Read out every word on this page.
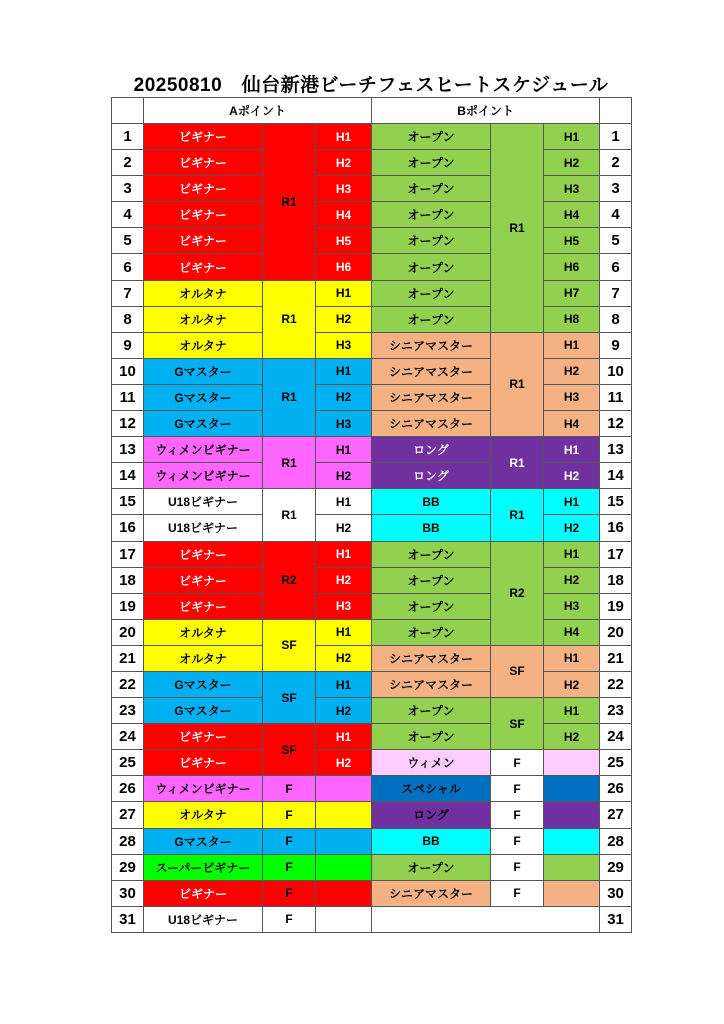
20250810　仙台新港ビーチフェスヒートスケジュール
	Aポイント			Bポイント			
1	ビギナー	R1	H1	オープン	R1	H1	1
2	ビギナー		H2	オープン		H2	2
3	ビギナー		H3	オープン		H3	3
4	ビギナー		H4	オープン		H4	4
5	ビギナー		H5	オープン		H5	5
6	ビギナー		H6	オープン		H6	6
7	オルタナ	R1	H1	オープン		H7	7
8	オルタナ		H2	オープン		H8	8
9	オルタナ		H3	シニアマスター	R1	H1	9
10	Gマスター	R1	H1	シニアマスター		H2	10
11	Gマスター		H2	シニアマスター		H3	11
12	Gマスター		H3	シニアマスター		H4	12
13	ウィメンビギナー	R1	H1	ロング	R1	H1	13
14	ウィメンビギナー		H2	ロング		H2	14
15	U18ビギナー	R1	H1	BB	R1	H1	15
16	U18ビギナー		H2	BB		H2	16
17	ビギナー	R2	H1	オープン	R2	H1	17
18	ビギナー		H2	オープン		H2	18
19	ビギナー		H3	オープン		H3	19
20	オルタナ	SF	H1	オープン		H4	20
21	オルタナ		H2	シニアマスター	SF	H1	21
22	Gマスター	SF	H1	シニアマスター		H2	22
23	Gマスター		H2	オープン	SF	H1	23
24	ビギナー	SF	H1	オープン		H2	24
25	ビギナー		H2	ウィメン	F		25
26	ウィメンビギナー	F		スペシャル	F		26
27	オルタナ	F		ロング	F		27
28	Gマスター	F		BB	F		28
29	スーパービギナー	F		オープン	F		29
30	ビギナー	F		シニアマスター	F		30
31	U18ビギナー	F					31
